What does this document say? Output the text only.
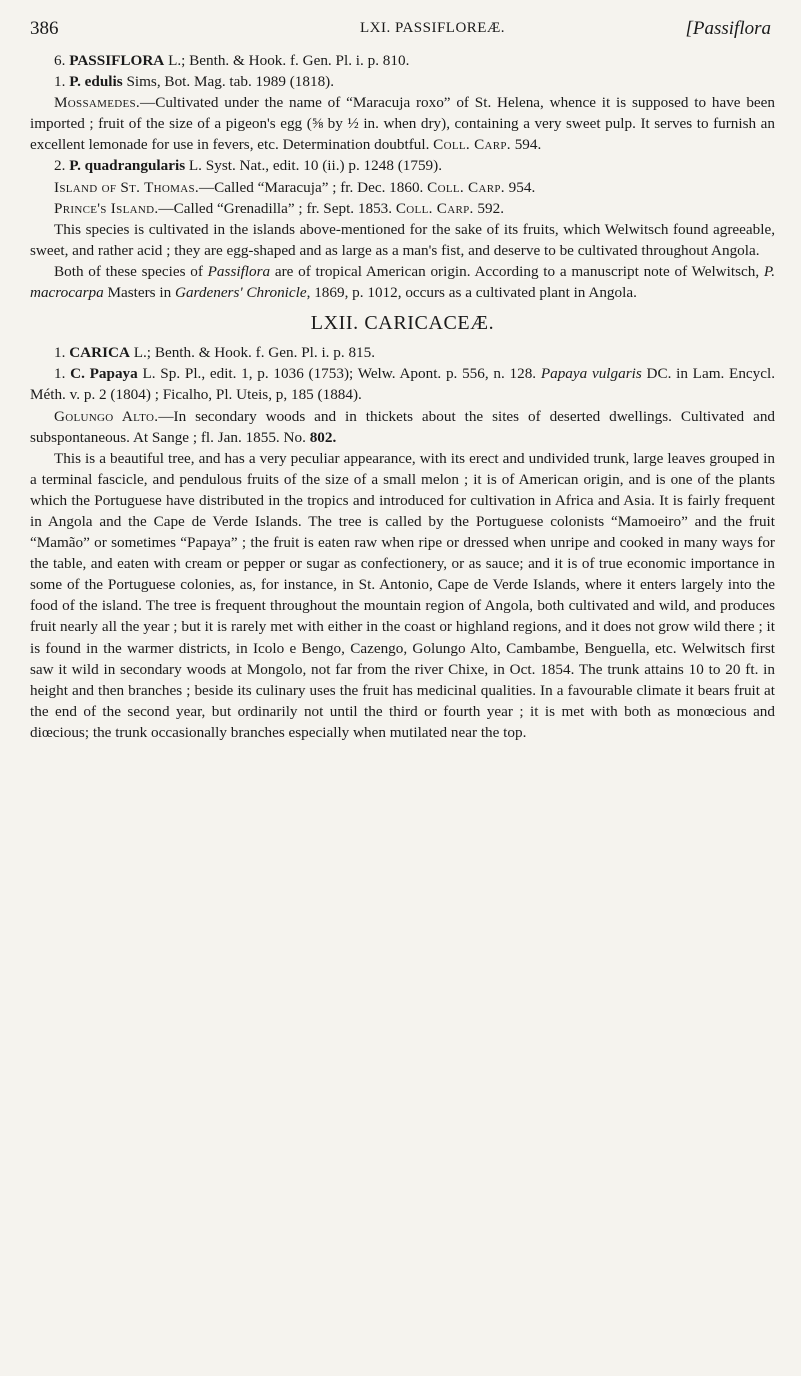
386	LXI. PASSIFLOREÆ.	[Passiflora

6. PASSIFLORA L.; Benth. & Hook. f. Gen. Pl. i. p. 810.

1. P. edulis Sims, Bot. Mag. tab. 1989 (1818).

Mossamedes.—Cultivated under the name of “Maracuja roxo” of St. Helena, whence it is supposed to have been imported ; fruit of the size of a pigeon's egg (⅝ by ½ in. when dry), containing a very sweet pulp. It serves to furnish an excellent lemonade for use in fevers, etc. Determination doubtful. Coll. Carp. 594.

2. P. quadrangularis L. Syst. Nat., edit. 10 (ii.) p. 1248 (1759).

Island of St. Thomas.—Called “Maracuja” ; fr. Dec. 1860. Coll. Carp. 954.

Prince's Island.—Called “Grenadilla” ; fr. Sept. 1853. Coll. Carp. 592.

This species is cultivated in the islands above-mentioned for the sake of its fruits, which Welwitsch found agreeable, sweet, and rather acid ; they are egg-shaped and as large as a man's fist, and deserve to be cultivated throughout Angola.

Both of these species of Passiflora are of tropical American origin. According to a manuscript note of Welwitsch, P. macrocarpa Masters in Gardeners' Chronicle, 1869, p. 1012, occurs as a cultivated plant in Angola.

LXII. CARICACEÆ.

1. CARICA L.; Benth. & Hook. f. Gen. Pl. i. p. 815.

1. C. Papaya L. Sp. Pl., edit. 1, p. 1036 (1753); Welw. Apont. p. 556, n. 128. Papaya vulgaris DC. in Lam. Encycl. Méth. v. p. 2 (1804) ; Ficalho, Pl. Uteis, p, 185 (1884).

Golungo Alto.—In secondary woods and in thickets about the sites of deserted dwellings. Cultivated and subspontaneous. At Sange ; fl. Jan. 1855. No. 802.

This is a beautiful tree, and has a very peculiar appearance, with its erect and undivided trunk, large leaves grouped in a terminal fascicle, and pendulous fruits of the size of a small melon ; it is of American origin, and is one of the plants which the Portuguese have distributed in the tropics and introduced for cultivation in Africa and Asia. It is fairly frequent in Angola and the Cape de Verde Islands. The tree is called by the Portuguese colonists “Mamoeiro” and the fruit “Mamão” or sometimes “Papaya” ; the fruit is eaten raw when ripe or dressed when unripe and cooked in many ways for the table, and eaten with cream or pepper or sugar as confectionery, or as sauce; and it is of true economic importance in some of the Portuguese colonies, as, for instance, in St. Antonio, Cape de Verde Islands, where it enters largely into the food of the island. The tree is frequent throughout the mountain region of Angola, both cultivated and wild, and produces fruit nearly all the year ; but it is rarely met with either in the coast or highland regions, and it does not grow wild there ; it is found in the warmer districts, in Icolo e Bengo, Cazengo, Golungo Alto, Cambambe, Benguella, etc. Welwitsch first saw it wild in secondary woods at Mongolo, not far from the river Chixe, in Oct. 1854. The trunk attains 10 to 20 ft. in height and then branches ; beside its culinary uses the fruit has medicinal qualities. In a favourable climate it bears fruit at the end of the second year, but ordinarily not until the third or fourth year ; it is met with both as monœcious and diœcious; the trunk occasionally branches especially when mutilated near the top.
